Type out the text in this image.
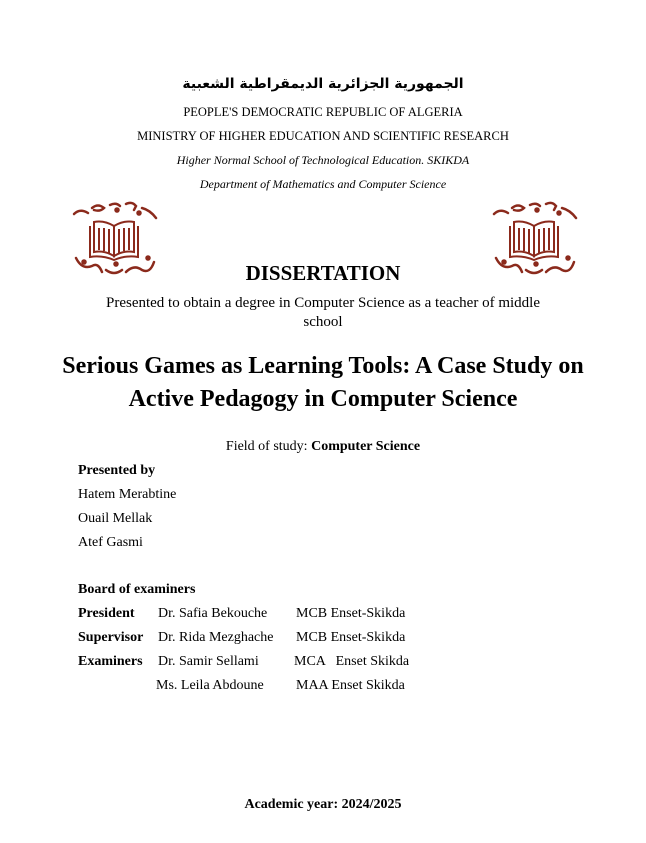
الجمهورية الجزائرية الديمقراطية الشعبية
PEOPLE'S DEMOCRATIC REPUBLIC OF ALGERIA
MINISTRY OF HIGHER EDUCATION AND SCIENTIFIC RESEARCH
Higher Normal School of Technological Education. SKIKDA
Department of Mathematics and Computer Science
DISSERTATION
Presented to obtain a degree in Computer Science as a teacher of middle school
Serious Games as Learning Tools: A Case Study on Active Pedagogy in Computer Science
Field of study: Computer Science
Presented by
Hatem Merabtine
Ouail Mellak
Atef Gasmi
Board of examiners
President Dr. Safia Bekouche MCB Enset-Skikda
Supervisor Dr. Rida Mezghache MCB Enset-Skikda
Examiners Dr. Samir Sellami	MCA   Enset Skikda
Ms. Leila Abdoune MAA Enset Skikda
Academic year: 2024/2025
